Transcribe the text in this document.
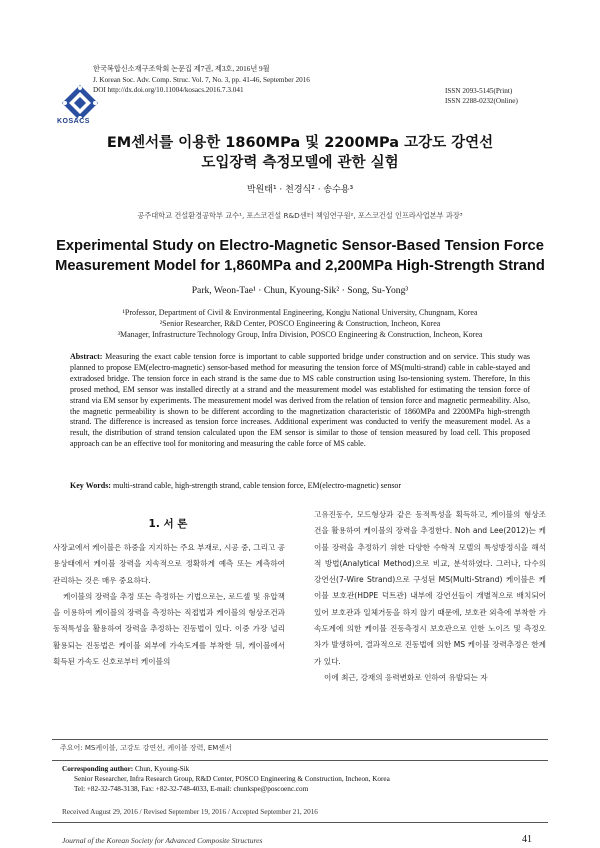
KOSACS
한국복합신소재구조학회 논문집 제7권, 제3호, 2016년 9월
J. Korean Soc. Adv. Comp. Struc. Vol. 7, No. 3, pp. 41-46, September 2016
DOI http://dx.doi.org/10.11004/kosacs.2016.7.3.041	ISSN 2093-5145(Print)
ISSN 2288-0232(Online)
EM센서를 이용한 1860MPa 및 2200MPa 고강도 강연선
도입장력 측정모델에 관한 실험
박원태¹ · 천경식² · 송수용³
공주대학교 건설환경공학부 교수¹, 포스코건설 R&D센터 책임연구원², 포스코건설 인프라사업본부 과장³
Experimental Study on Electro-Magnetic Sensor-Based Tension Force
Measurement Model for 1,860MPa and 2,200MPa High-Strength Strand
Park, Weon-Tae¹ · Chun, Kyoung-Sik² · Song, Su-Yong³
¹Professor, Department of Civil & Environmental Engineering, Kongju National University, Chungnam, Korea
²Senior Researcher, R&D Center, POSCO Engineering & Construction, Incheon, Korea
³Manager, Infrastructure Technology Group, Infra Division, POSCO Engineering & Construction, Incheon, Korea
Abstract: Measuring the exact cable tension force is important to cable supported bridge under construction and on service. This study was planned to propose EM(electro-magnetic) sensor-based method for measuring the tension force of MS(multi-strand) cable in cable-stayed and extradosed bridge. The tension force in each strand is the same due to MS cable construction using Iso-tensioning system. Therefore, In this prosed method, EM sensor was installed directly at a strand and the measurement model was established for estimating the tension force of strand via EM sensor by experiments. The measurement model was derived from the relation of tension force and magnetic permeability. Also, the magnetic permeability is shown to be different according to the magnetization characteristic of 1860MPa and 2200MPa high-strength strand. The difference is increased as tension force increases. Additional experiment was conducted to verify the measurement model. As a result, the distribution of strand tension calculated upon the EM sensor is similar to those of tension measured by load cell. This proposed approach can be an effective tool for monitoring and measuring the cable force of MS cable.
Key Words: multi-strand cable, high-strength strand, cable tension force, EM(electro-magnetic) sensor
1. 서 론

사장교에서 케이블은 하중을 지지하는 주요 부재로, 시공 중, 그리고 공용상태에서 케이블 장력을 지속적으로 정확하게 예측 또는 계측하여 관리하는 것은 매우 중요하다.

케이블의 장력을 추정 또는 측정하는 기법으로는, 로드셀 및 유압잭을 이용하여 케이블의 장력을 측정하는 직접법과 케이블의 형상조건과 동적특성을 활용하여 장력을 추정하는 진동법이 있다. 이중 가장 널리 활용되는 진동법은 케이블 외부에 가속도계를 부착한 뒤, 케이블에서 획득된 가속도 신호로부터 케이블의

고유진동수, 모드형상과 같은 동적특성을 획득하고, 케이블의 형상조건을 활용하여 케이블의 장력을 추정한다. Noh and Lee(2012)는 케이블 장력을 추정하기 위한 다양한 수학적 모델의 특성방정식을 해석적 방법(Analytical Method)으로 비교, 분석하였다. 그러나, 다수의 강연선(7-Wire Strand)으로 구성된 MS(Multi-Strand) 케이블은 케이블 보호관(HDPE 덕트관) 내부에 강연선들이 개별적으로 배치되어 있어 보호관과 일체거동을 하지 않기 때문에, 보호관 외측에 부착한 가속도계에 의한 케이블 진동측정시 보호관으로 인한 노이즈 및 측정오차가 발생하여, 결과적으로 진동법에 의한 MS 케이블 장력추정은 한계가 있다.

이에 최근, 강재의 응력변화로 인하여 유발되는 자

주요어: MS케이블, 고강도 강연선, 케이블 장력, EM센서
Corresponding author: Chun, Kyoung-Sik
Senior Researcher, Infra Research Group, R&D Center, POSCO Engineering & Construction, Incheon, Korea
Tel: +82-32-748-3138, Fax: +82-32-748-4033, E-mail: chunkspe@poscoenc.com
Received August 29, 2016 / Revised September 19, 2016 / Accepted September 21, 2016
Journal of the Korean Society for Advanced Composite Structures	41
